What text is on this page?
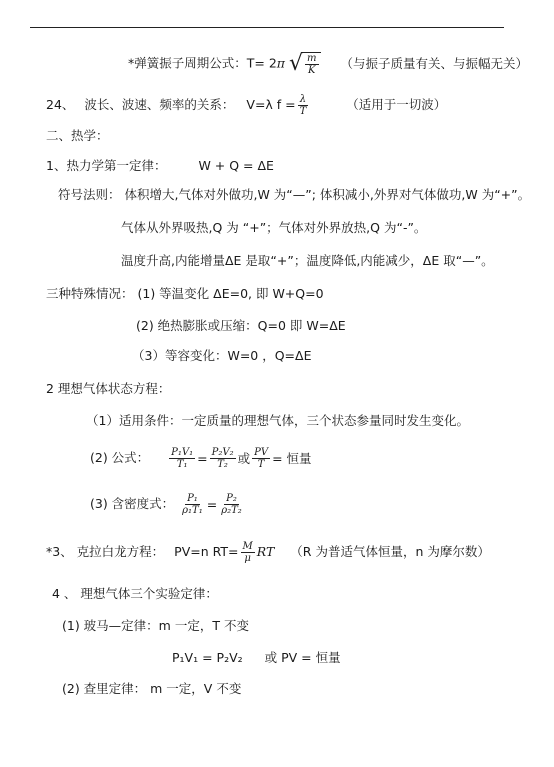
*弹簧振子周期公式：T= 2π √ $\frac{m}{K}$ （与振子质量有关、与振幅无关）
24、 波长、波速、频率的关系： V=λ $f = \frac{\lambda}{T}$	（适用于一切波）
二、热学：
1、热力学第一定律：	W + Q = ΔE
符号法则： 体积增大,气体对外做功,W 为“—”; 体积减小,外界对气体做功,W 为“+”。
气体从外界吸热,Q 为 “+”；气体对外界放热,Q 为“-”。
温度升高,内能增量ΔE 是取“+”；温度降低,内能减少，ΔE 取“—”。
三种特殊情况： (1) 等温变化 ΔE=0, 即 W+Q=0
(2) 绝热膨胀或压缩：Q=0 即 W=ΔE
（3）等容变化：W=0 ，Q=ΔE
2 理想气体状态方程：
（1）适用条件：一定质量的理想气体，三个状态参量同时发生变化。
(2) 公式： $\frac{\text{P₁V₁}}{\text{T₁}} = \frac{\text{P₂V₂}}{\text{T₂}}$ 或 $\frac{PV}{T}$ = 恒量
(3) 含密度式： $\frac{\text{P₁}}{\text{ρ₁T₁}} = \frac{\text{P₂}}{\text{ρ₂T₂}}$
*3、 克拉白龙方程： PV=n $RT= \frac{M}{\mu}$ RT （R 为普适气体恒量，n 为摩尔数）
4 、 理想气体三个实验定律：
(1) 玻马—定律：m 一定，T 不变
P₁V₁ = P₂V₂ 或 PV = 恒量
(2) 查里定律： m 一定，V 不变
